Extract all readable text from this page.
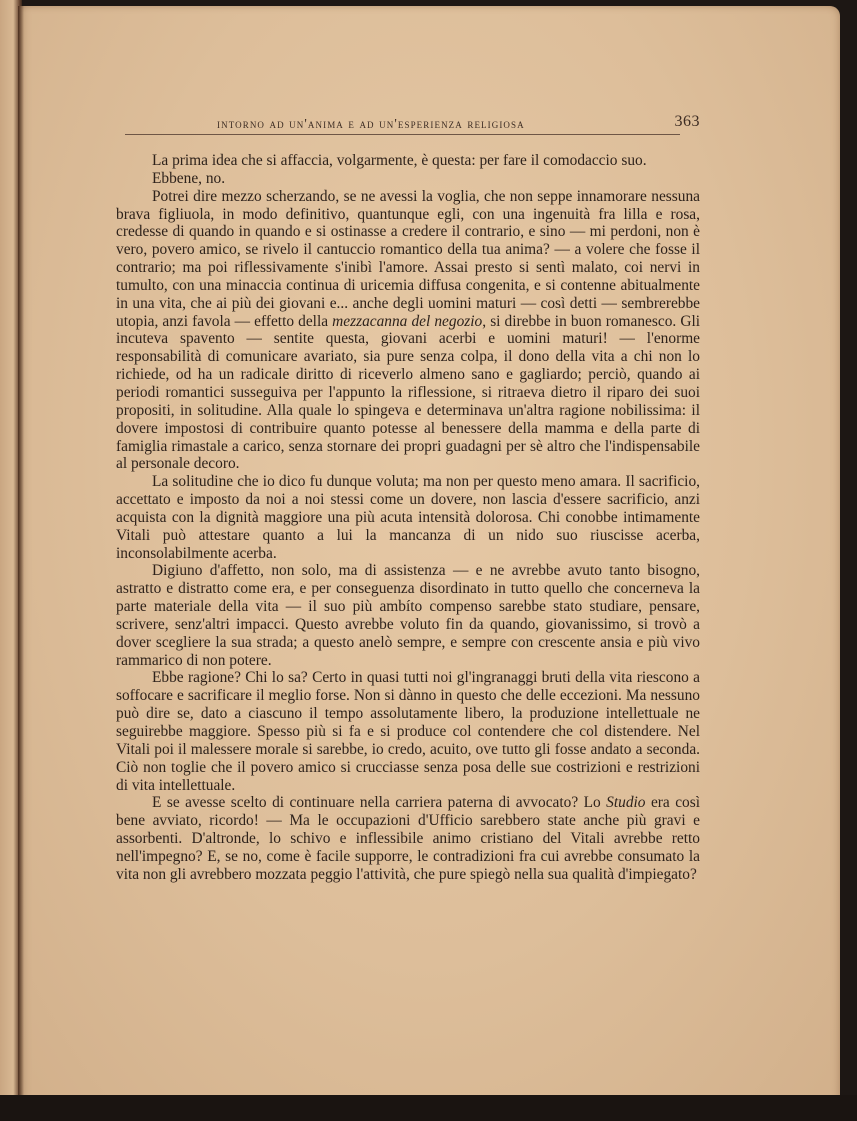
intorno ad un'anima e ad un'esperienza religiosa	363

La prima idea che si affaccia, volgarmente, è questa: per fare il comodaccio suo.

Ebbene, no.

Potrei dire mezzo scherzando, se ne avessi la voglia, che non seppe innamorare nessuna brava figliuola, in modo definitivo, quantunque egli, con una ingenuità fra lilla e rosa, credesse di quando in quando e si ostinasse a credere il contrario, e sino — mi perdoni, non è vero, povero amico, se rivelo il cantuccio romantico della tua anima? — a volere che fosse il contrario; ma poi riflessivamente s'inibì l'amore. Assai presto si sentì malato, coi nervi in tumulto, con una minaccia continua di uricemia diffusa congenita, e si contenne abitualmente in una vita, che ai più dei giovani e... anche degli uomini maturi — così detti — sembrerebbe utopia, anzi favola — effetto della mezzacanna del negozio, si direbbe in buon romanesco. Gli incuteva spavento — sentite questa, giovani acerbi e uomini maturi! — l'enorme responsabilità di comunicare avariato, sia pure senza colpa, il dono della vita a chi non lo richiede, od ha un radicale diritto di riceverlo almeno sano e gagliardo; perciò, quando ai periodi romantici susseguiva per l'appunto la riflessione, si ritraeva dietro il riparo dei suoi propositi, in solitudine. Alla quale lo spingeva e determinava un'altra ragione nobilissima: il dovere impostosi di contribuire quanto potesse al benessere della mamma e della parte di famiglia rimastale a carico, senza stornare dei propri guadagni per sè altro che l'indispensabile al personale decoro.

La solitudine che io dico fu dunque voluta; ma non per questo meno amara. Il sacrificio, accettato e imposto da noi a noi stessi come un dovere, non lascia d'essere sacrificio, anzi acquista con la dignità maggiore una più acuta intensità dolorosa. Chi conobbe intimamente Vitali può attestare quanto a lui la mancanza di un nido suo riuscisse acerba, inconsolabilmente acerba.

Digiuno d'affetto, non solo, ma di assistenza — e ne avrebbe avuto tanto bisogno, astratto e distratto come era, e per conseguenza disordinato in tutto quello che concerneva la parte materiale della vita — il suo più ambíto compenso sarebbe stato studiare, pensare, scrivere, senz'altri impacci. Questo avrebbe voluto fin da quando, giovanissimo, si trovò a dover scegliere la sua strada; a questo anelò sempre, e sempre con crescente ansia e più vivo rammarico di non potere.

Ebbe ragione? Chi lo sa? Certo in quasi tutti noi gl'ingranaggi bruti della vita riescono a soffocare e sacrificare il meglio forse. Non si dànno in questo che delle eccezioni. Ma nessuno può dire se, dato a ciascuno il tempo assolutamente libero, la produzione intellettuale ne seguirebbe maggiore. Spesso più si fa e si produce col contendere che col distendere. Nel Vitali poi il malessere morale si sarebbe, io credo, acuito, ove tutto gli fosse andato a seconda. Ciò non toglie che il povero amico si crucciasse senza posa delle sue costrizioni e restrizioni di vita intellettuale.

E se avesse scelto di continuare nella carriera paterna di avvocato? Lo Studio era così bene avviato, ricordo! — Ma le occupazioni d'Ufficio sarebbero state anche più gravi e assorbenti. D'altronde, lo schivo e inflessibile animo cristiano del Vitali avrebbe retto nell'impegno? E, se no, come è facile supporre, le contradizioni fra cui avrebbe consumato la vita non gli avrebbero mozzata peggio l'attività, che pure spiegò nella sua qualità d'impiegato?
